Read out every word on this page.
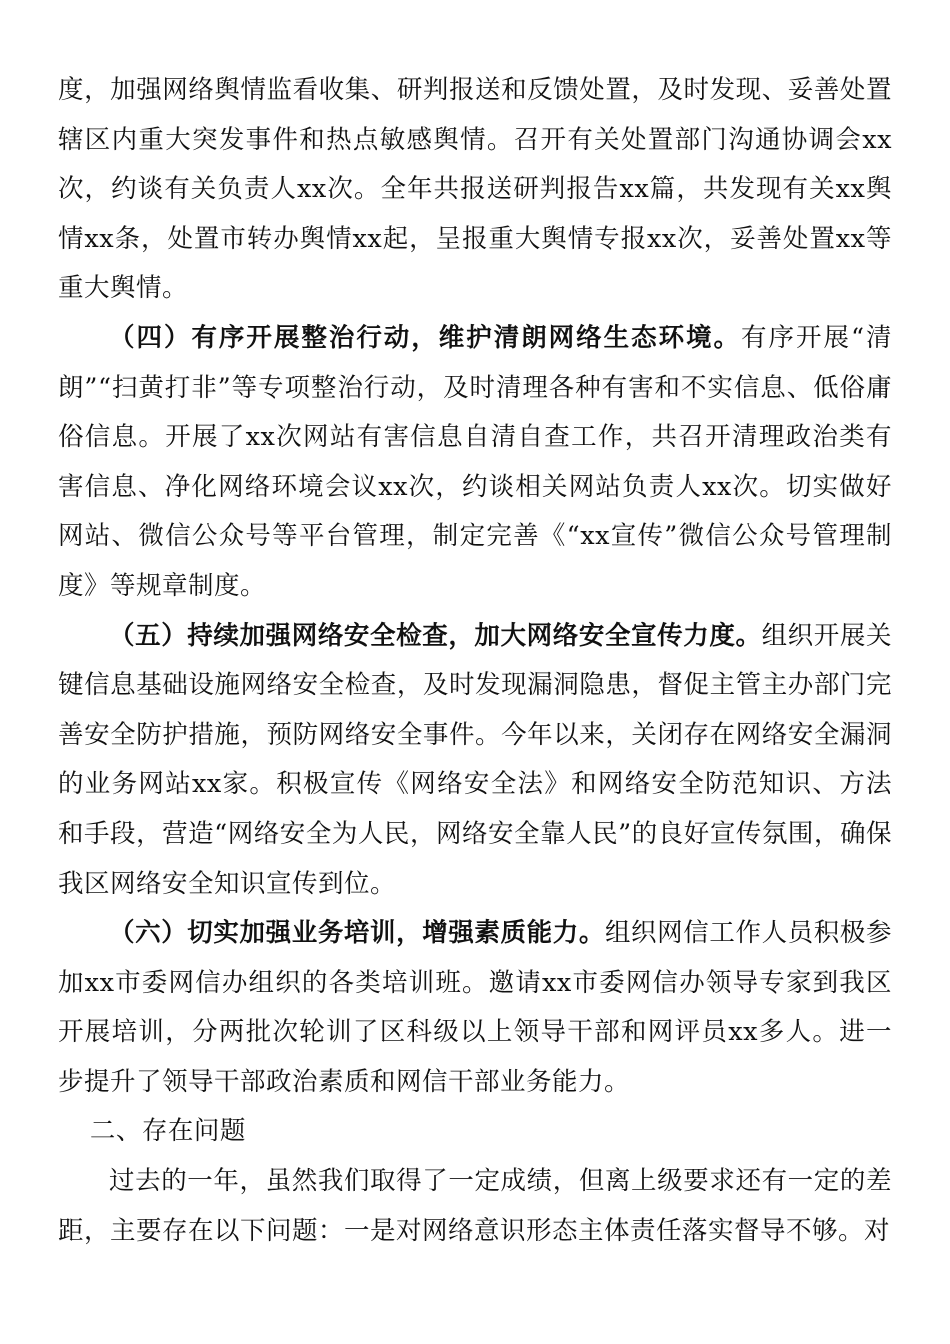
度，加强网络舆情监看收集、研判报送和反馈处置，及时发现、妥善处置辖区内重大突发事件和热点敏感舆情。召开有关处置部门沟通协调会xx次，约谈有关负责人xx次。全年共报送研判报告xx篇，共发现有关xx舆情xx条，处置市转办舆情xx起，呈报重大舆情专报xx次，妥善处置xx等重大舆情。

（四）有序开展整治行动，维护清朗网络生态环境。有序开展“清朗”“扫黄打非”等专项整治行动，及时清理各种有害和不实信息、低俗庸俗信息。开展了xx次网站有害信息自清自查工作，共召开清理政治类有害信息、净化网络环境会议xx次，约谈相关网站负责人xx次。切实做好网站、微信公众号等平台管理，制定完善《“xx宣传”微信公众号管理制度》等规章制度。

（五）持续加强网络安全检查，加大网络安全宣传力度。组织开展关键信息基础设施网络安全检查，及时发现漏洞隐患，督促主管主办部门完善安全防护措施，预防网络安全事件。今年以来，关闭存在网络安全漏洞的业务网站xx家。积极宣传《网络安全法》和网络安全防范知识、方法和手段，营造“网络安全为人民，网络安全靠人民”的良好宣传氛围，确保我区网络安全知识宣传到位。

（六）切实加强业务培训，增强素质能力。组织网信工作人员积极参加xx市委网信办组织的各类培训班。邀请xx市委网信办领导专家到我区开展培训，分两批次轮训了区科级以上领导干部和网评员xx多人。进一步提升了领导干部政治素质和网信干部业务能力。

二、存在问题

过去的一年，虽然我们取得了一定成绩，但离上级要求还有一定的差距，主要存在以下问题：一是对网络意识形态主体责任落实督导不够。对
